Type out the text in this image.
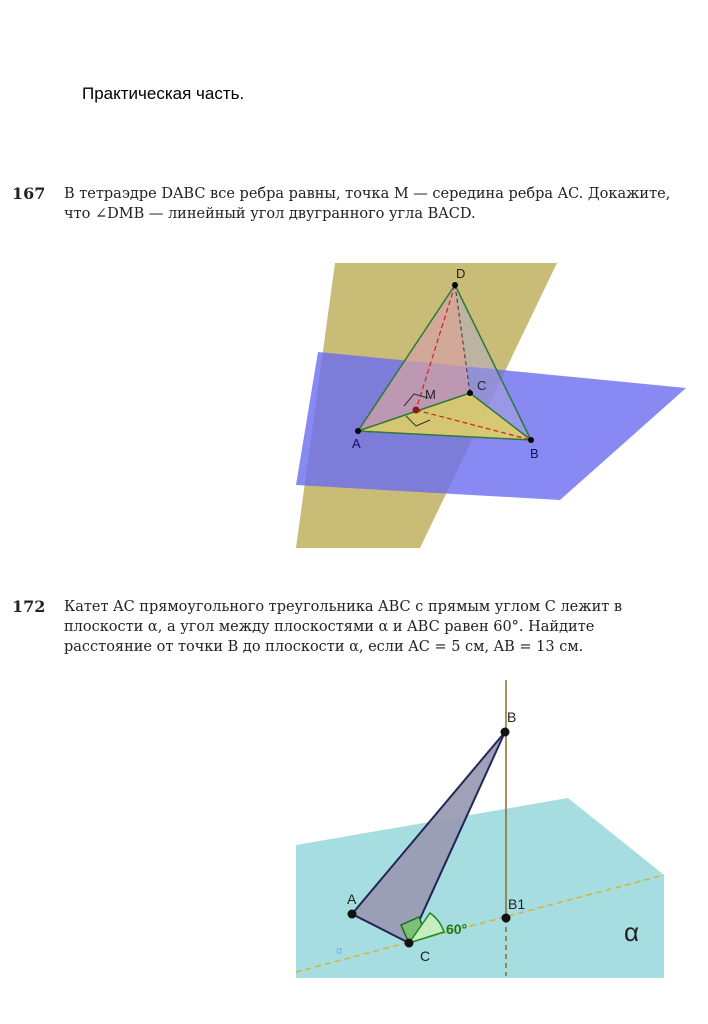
Практическая часть.
167 В тетраэдре DABC все ребра равны, точка M — середина ребра AC. Докажите, что ∠DMB — линейный угол двугранного угла BACD.
D
C
M
A
B
172 Катет AC прямоугольного треугольника ABC с прямым углом C лежит в плоскости α, а угол между плоскостями α и ABC равен 60°. Найдите расстояние от точки B до плоскости α, если AC = 5 см, AB = 13 см.
B
A	B1
C
60°	α
α
